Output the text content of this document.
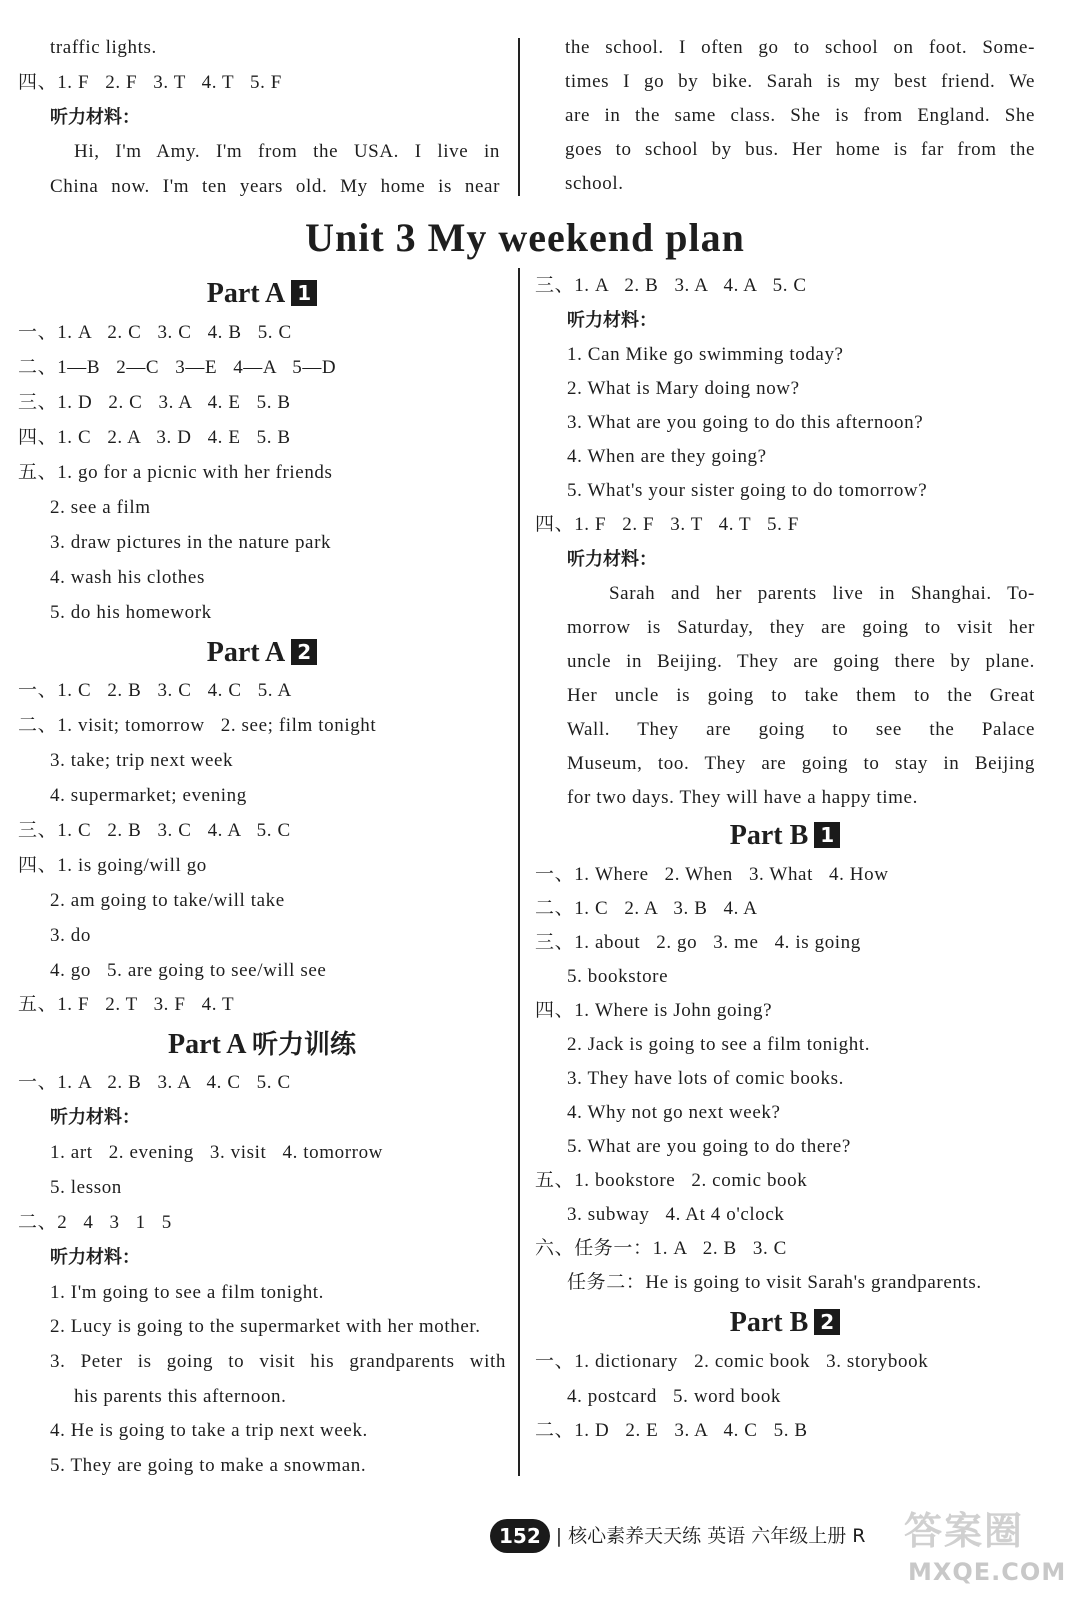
traffic lights.
四、1. F   2. F   3. T   4. T   5. F
听力材料：
Hi, I'm Amy. I'm from the USA. I live in
China now. I'm ten years old. My home is near
the school. I often go to school on foot. Some-
times I go by bike. Sarah is my best friend. We
are in the same class. She is from England. She
goes to school by bus. Her home is far from the
school.
Unit 3 My weekend plan
Part A 1
一、1. A   2. C   3. C   4. B   5. C
二、1—B   2—C   3—E   4—A   5—D
三、1. D   2. C   3. A   4. E   5. B
四、1. C   2. A   3. D   4. E   5. B
五、1. go for a picnic with her friends
2. see a film
3. draw pictures in the nature park
4. wash his clothes
5. do his homework
Part A 2
一、1. C   2. B   3. C   4. C   5. A
二、1. visit; tomorrow   2. see; film tonight
3. take; trip next week
4. supermarket; evening
三、1. C   2. B   3. C   4. A   5. C
四、1. is going/will go
2. am going to take/will take
3. do
4. go   5. are going to see/will see
五、1. F   2. T   3. F   4. T
Part A 听力训练
一、1. A   2. B   3. A   4. C   5. C
听力材料：
1. art   2. evening   3. visit   4. tomorrow
5. lesson
二、2   4   3   1   5
听力材料：
1. I'm going to see a film tonight.
2. Lucy is going to the supermarket with her mother.
3. Peter is going to visit his grandparents with
his parents this afternoon.
4. He is going to take a trip next week.
5. They are going to make a snowman.
三、1. A   2. B   3. A   4. A   5. C
听力材料：
1. Can Mike go swimming today?
2. What is Mary doing now?
3. What are you going to do this afternoon?
4. When are they going?
5. What's your sister going to do tomorrow?
四、1. F   2. F   3. T   4. T   5. F
听力材料：
Sarah and her parents live in Shanghai. To-
morrow is Saturday, they are going to visit her
uncle in Beijing. They are going there by plane.
Her uncle is going to take them to the Great
Wall. They are going to see the Palace
Museum, too. They are going to stay in Beijing
for two days. They will have a happy time.
Part B 1
一、1. Where   2. When   3. What   4. How
二、1. C   2. A   3. B   4. A
三、1. about   2. go   3. me   4. is going
5. bookstore
四、1. Where is John going?
2. Jack is going to see a film tonight.
3. They have lots of comic books.
4. Why not go next week?
5. What are you going to do there?
五、1. bookstore   2. comic book
3. subway   4. At 4 o'clock
六、任务一：1. A   2. B   3. C
任务二：He is going to visit Sarah's grandparents.
Part B 2
一、1. dictionary   2. comic book   3. storybook
4. postcard   5. word book
二、1. D   2. E   3. A   4. C   5. B
152 | 核心素养天天练 英语 六年级上册 R	答案圈
MXQE.COM
